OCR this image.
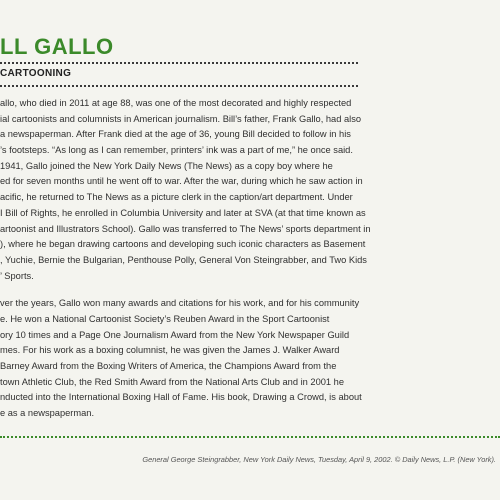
LL GALLO
CARTOONING
allo, who died in 2011 at age 88, was one of the most decorated and highly respected
ial cartoonists and columnists in American journalism. Bill’s father, Frank Gallo, had also
a newspaperman. After Frank died at the age of 36, young Bill decided to follow in his
’s footsteps. “As long as I can remember, printers’ ink was a part of me,” he once said.
1941, Gallo joined the New York Daily News (The News) as a copy boy where he
ed for seven months until he went off to war. After the war, during which he saw action in
acific, he returned to The News as a picture clerk in the caption/art department. Under
I Bill of Rights, he enrolled in Columbia University and later at SVA (at that time known as
artoonist and Illustrators School). Gallo was transferred to The News’ sports department in
), where he began drawing cartoons and developing such iconic characters as Basement
, Yuchie, Bernie the Bulgarian, Penthouse Polly, General Von Steingrabber, and Two Kids
’ Sports.
ver the years, Gallo won many awards and citations for his work, and for his community
e. He won a National Cartoonist Society’s Reuben Award in the Sport Cartoonist
ory 10 times and a Page One Journalism Award from the New York Newspaper Guild
mes. For his work as a boxing columnist, he was given the James J. Walker Award
Barney Award from the Boxing Writers of America, the Champions Award from the
town Athletic Club, the Red Smith Award from the National Arts Club and in 2001 he
nducted into the International Boxing Hall of Fame. His book, Drawing a Crowd, is about
e as a newspaperman.
General George Steingrabber, New York Daily News, Tuesday, April 9, 2002. © Daily News, L.P. (New York).
